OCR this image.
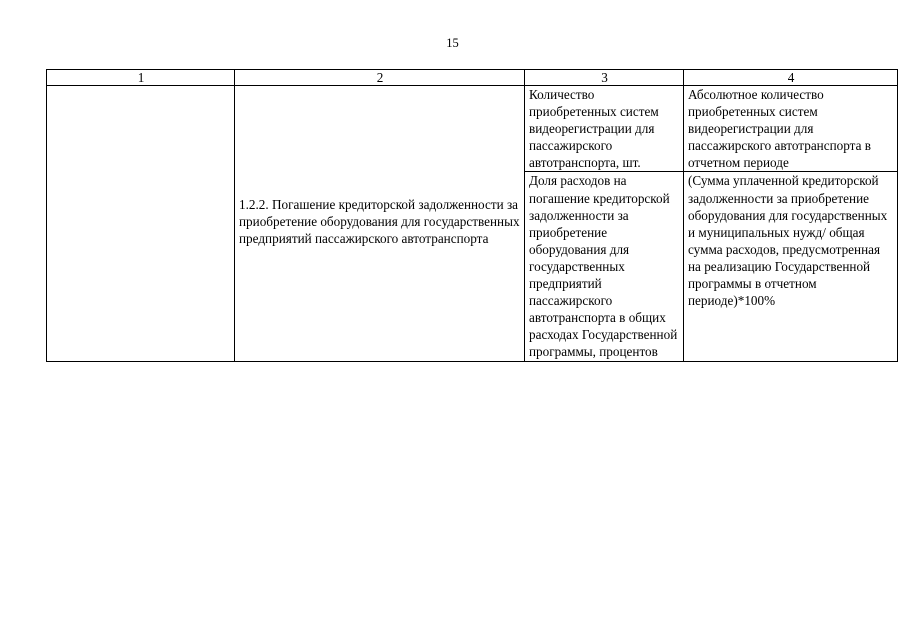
15
1	2	3	4

	1.2.2. Погашение кредиторской задолженности за приобретение оборудования для государственных предприятий пассажирского автотранспорта	Количество приобретенных систем видеорегистрации для пассажирского автотранспорта, шт.	Абсолютное количество приобретенных систем видеорегистрации для пассажирского автотранспорта в отчетном периоде
		Доля расходов на погашение кредиторской задолженности за приобретение оборудования для государственных предприятий пассажирского автотранспорта в общих расходах Государственной программы, процентов	(Сумма уплаченной кредиторской задолженности за приобретение оборудования для государственных и муниципальных нужд/ общая сумма расходов, предусмотренная на реализацию Государственной программы в отчетном периоде)*100%
